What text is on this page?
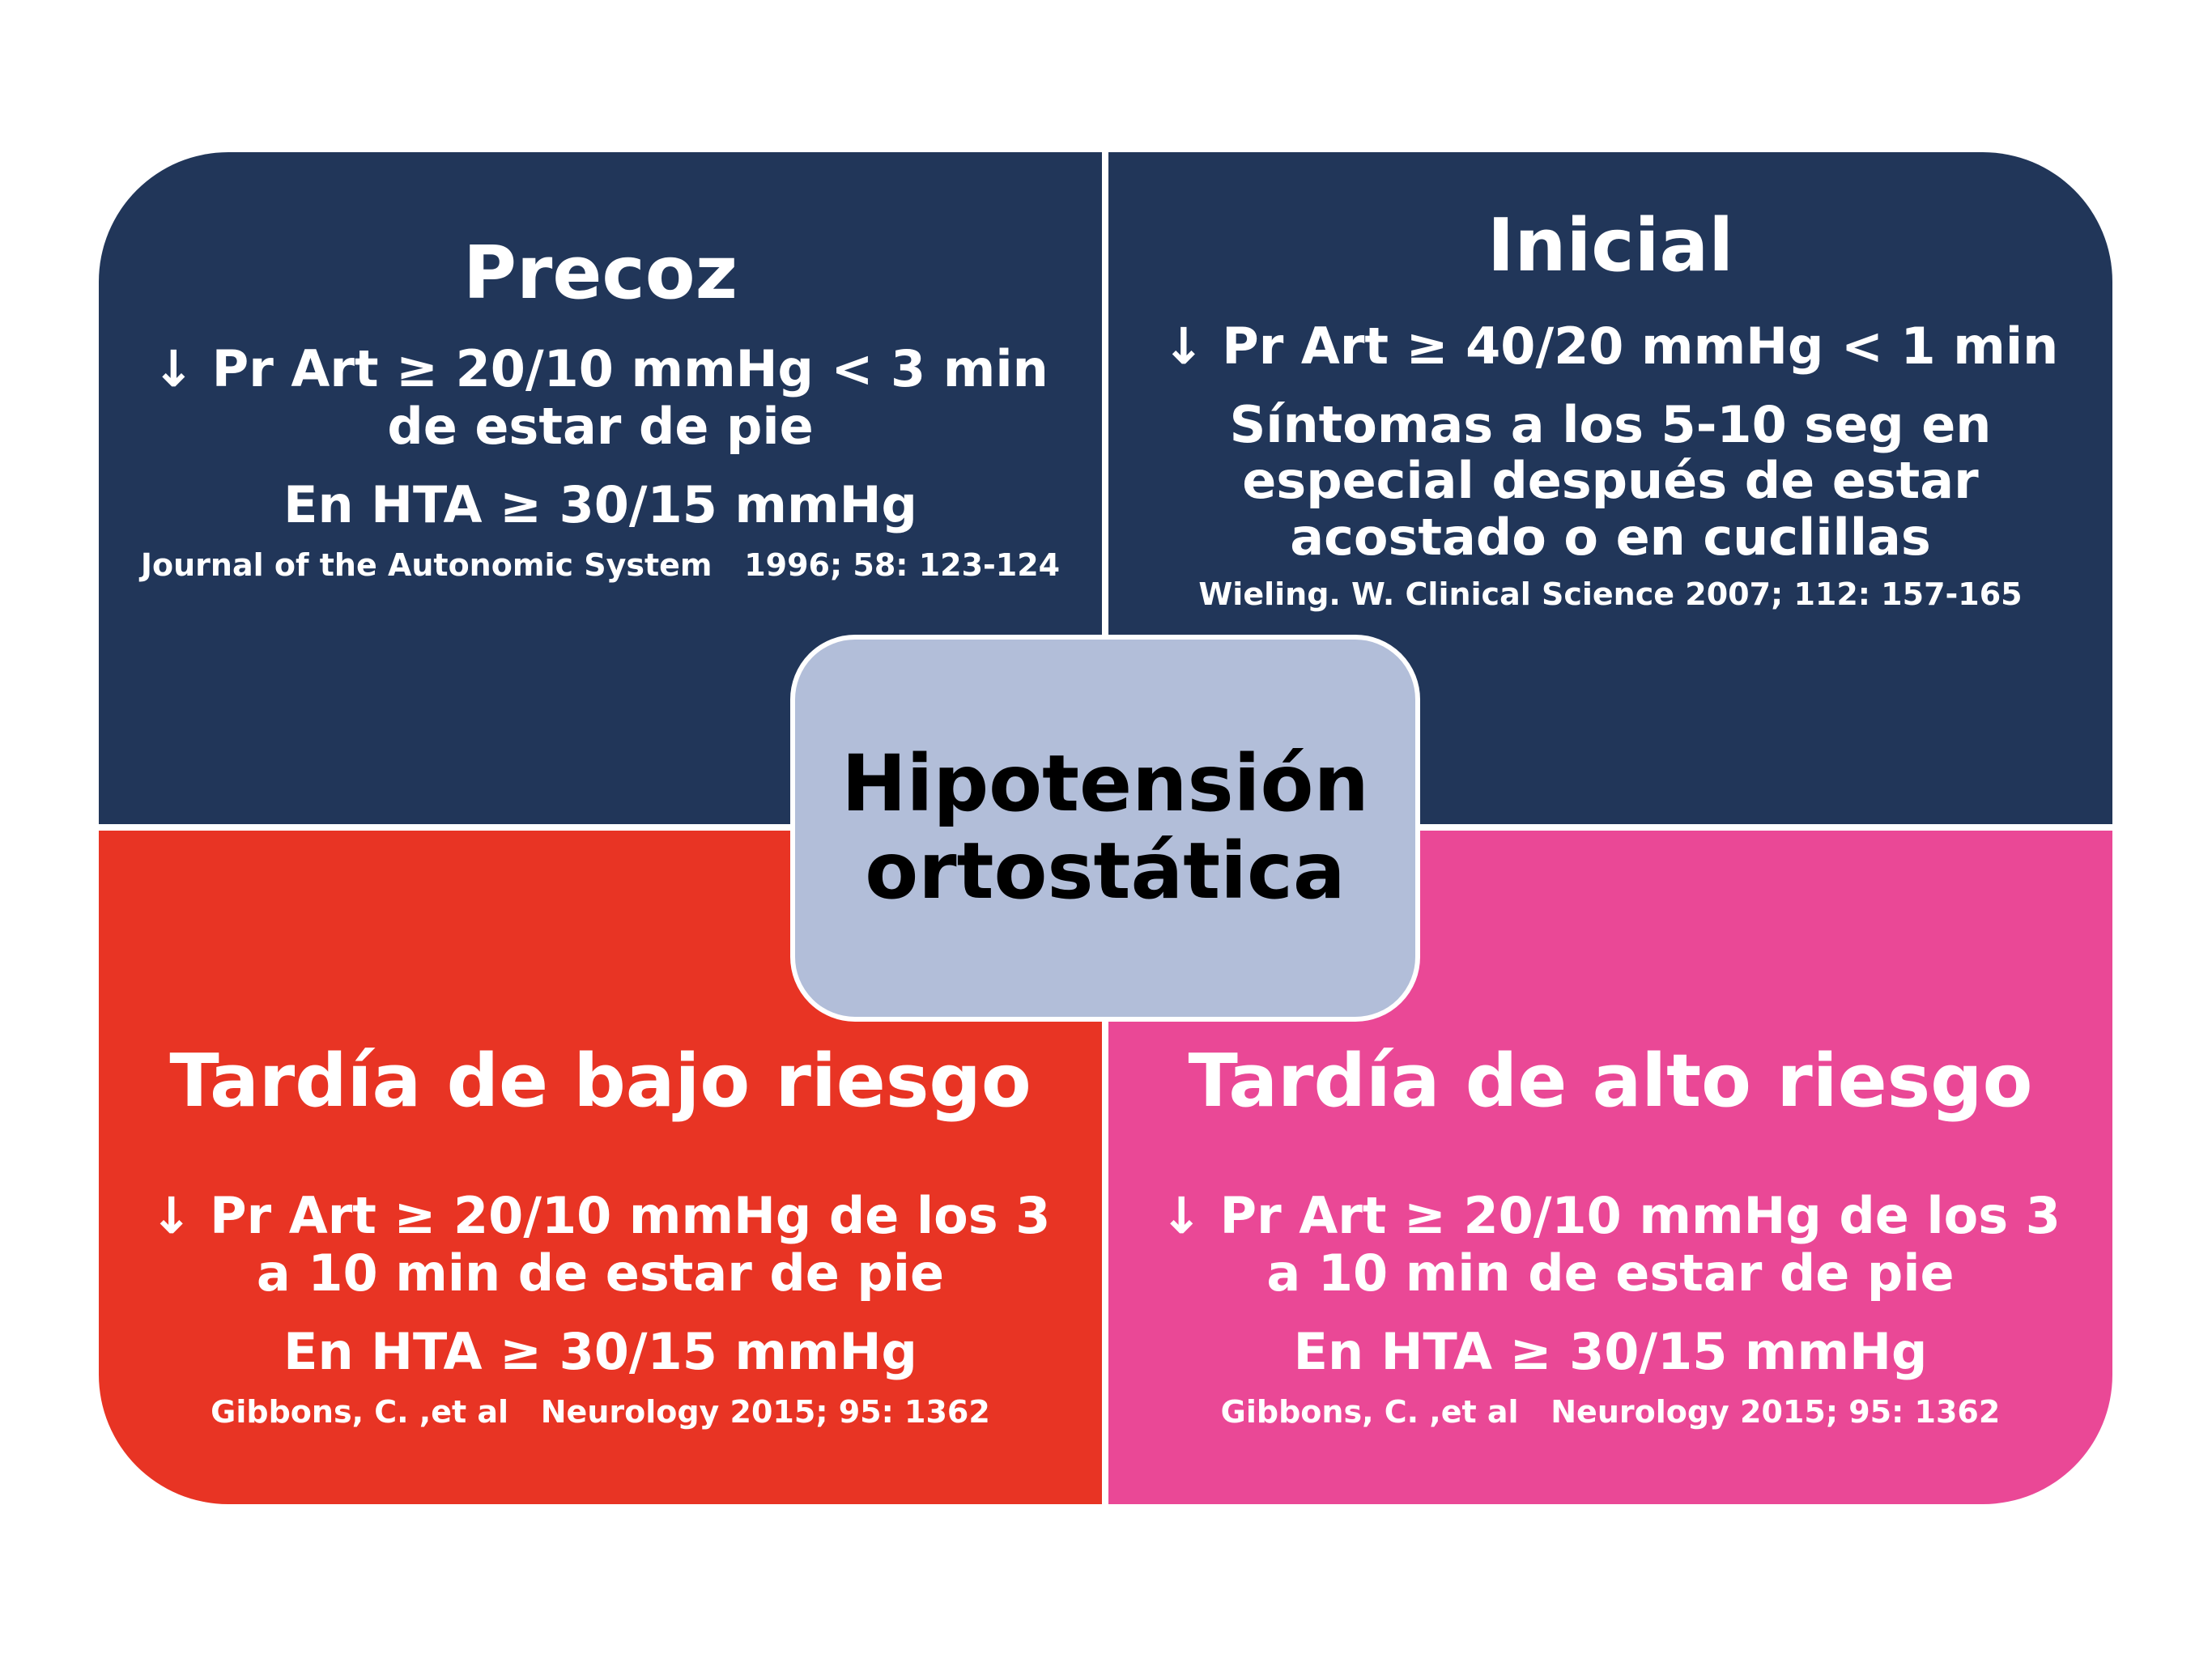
Precoz
↓ Pr Art ≥ 20/10 mmHg < 3 min
de estar de pie
En HTA ≥ 30/15 mmHg
Journal of the Autonomic System   1996; 58: 123-124
Inicial
↓ Pr Art ≥ 40/20 mmHg < 1 min
Síntomas a los 5-10 seg en
especial después de estar
acostado o en cuclillas
Wieling. W. Clinical Science 2007; 112: 157-165
Tardía de bajo riesgo
↓ Pr Art ≥ 20/10 mmHg de los 3
a 10 min de estar de pie
En HTA ≥ 30/15 mmHg
Gibbons, C. ,et al   Neurology 2015; 95: 1362
Tardía de alto riesgo
↓ Pr Art ≥ 20/10 mmHg de los 3
a 10 min de estar de pie
En HTA ≥ 30/15 mmHg
Gibbons, C. ,et al   Neurology 2015; 95: 1362
Hipotensión
ortostática
